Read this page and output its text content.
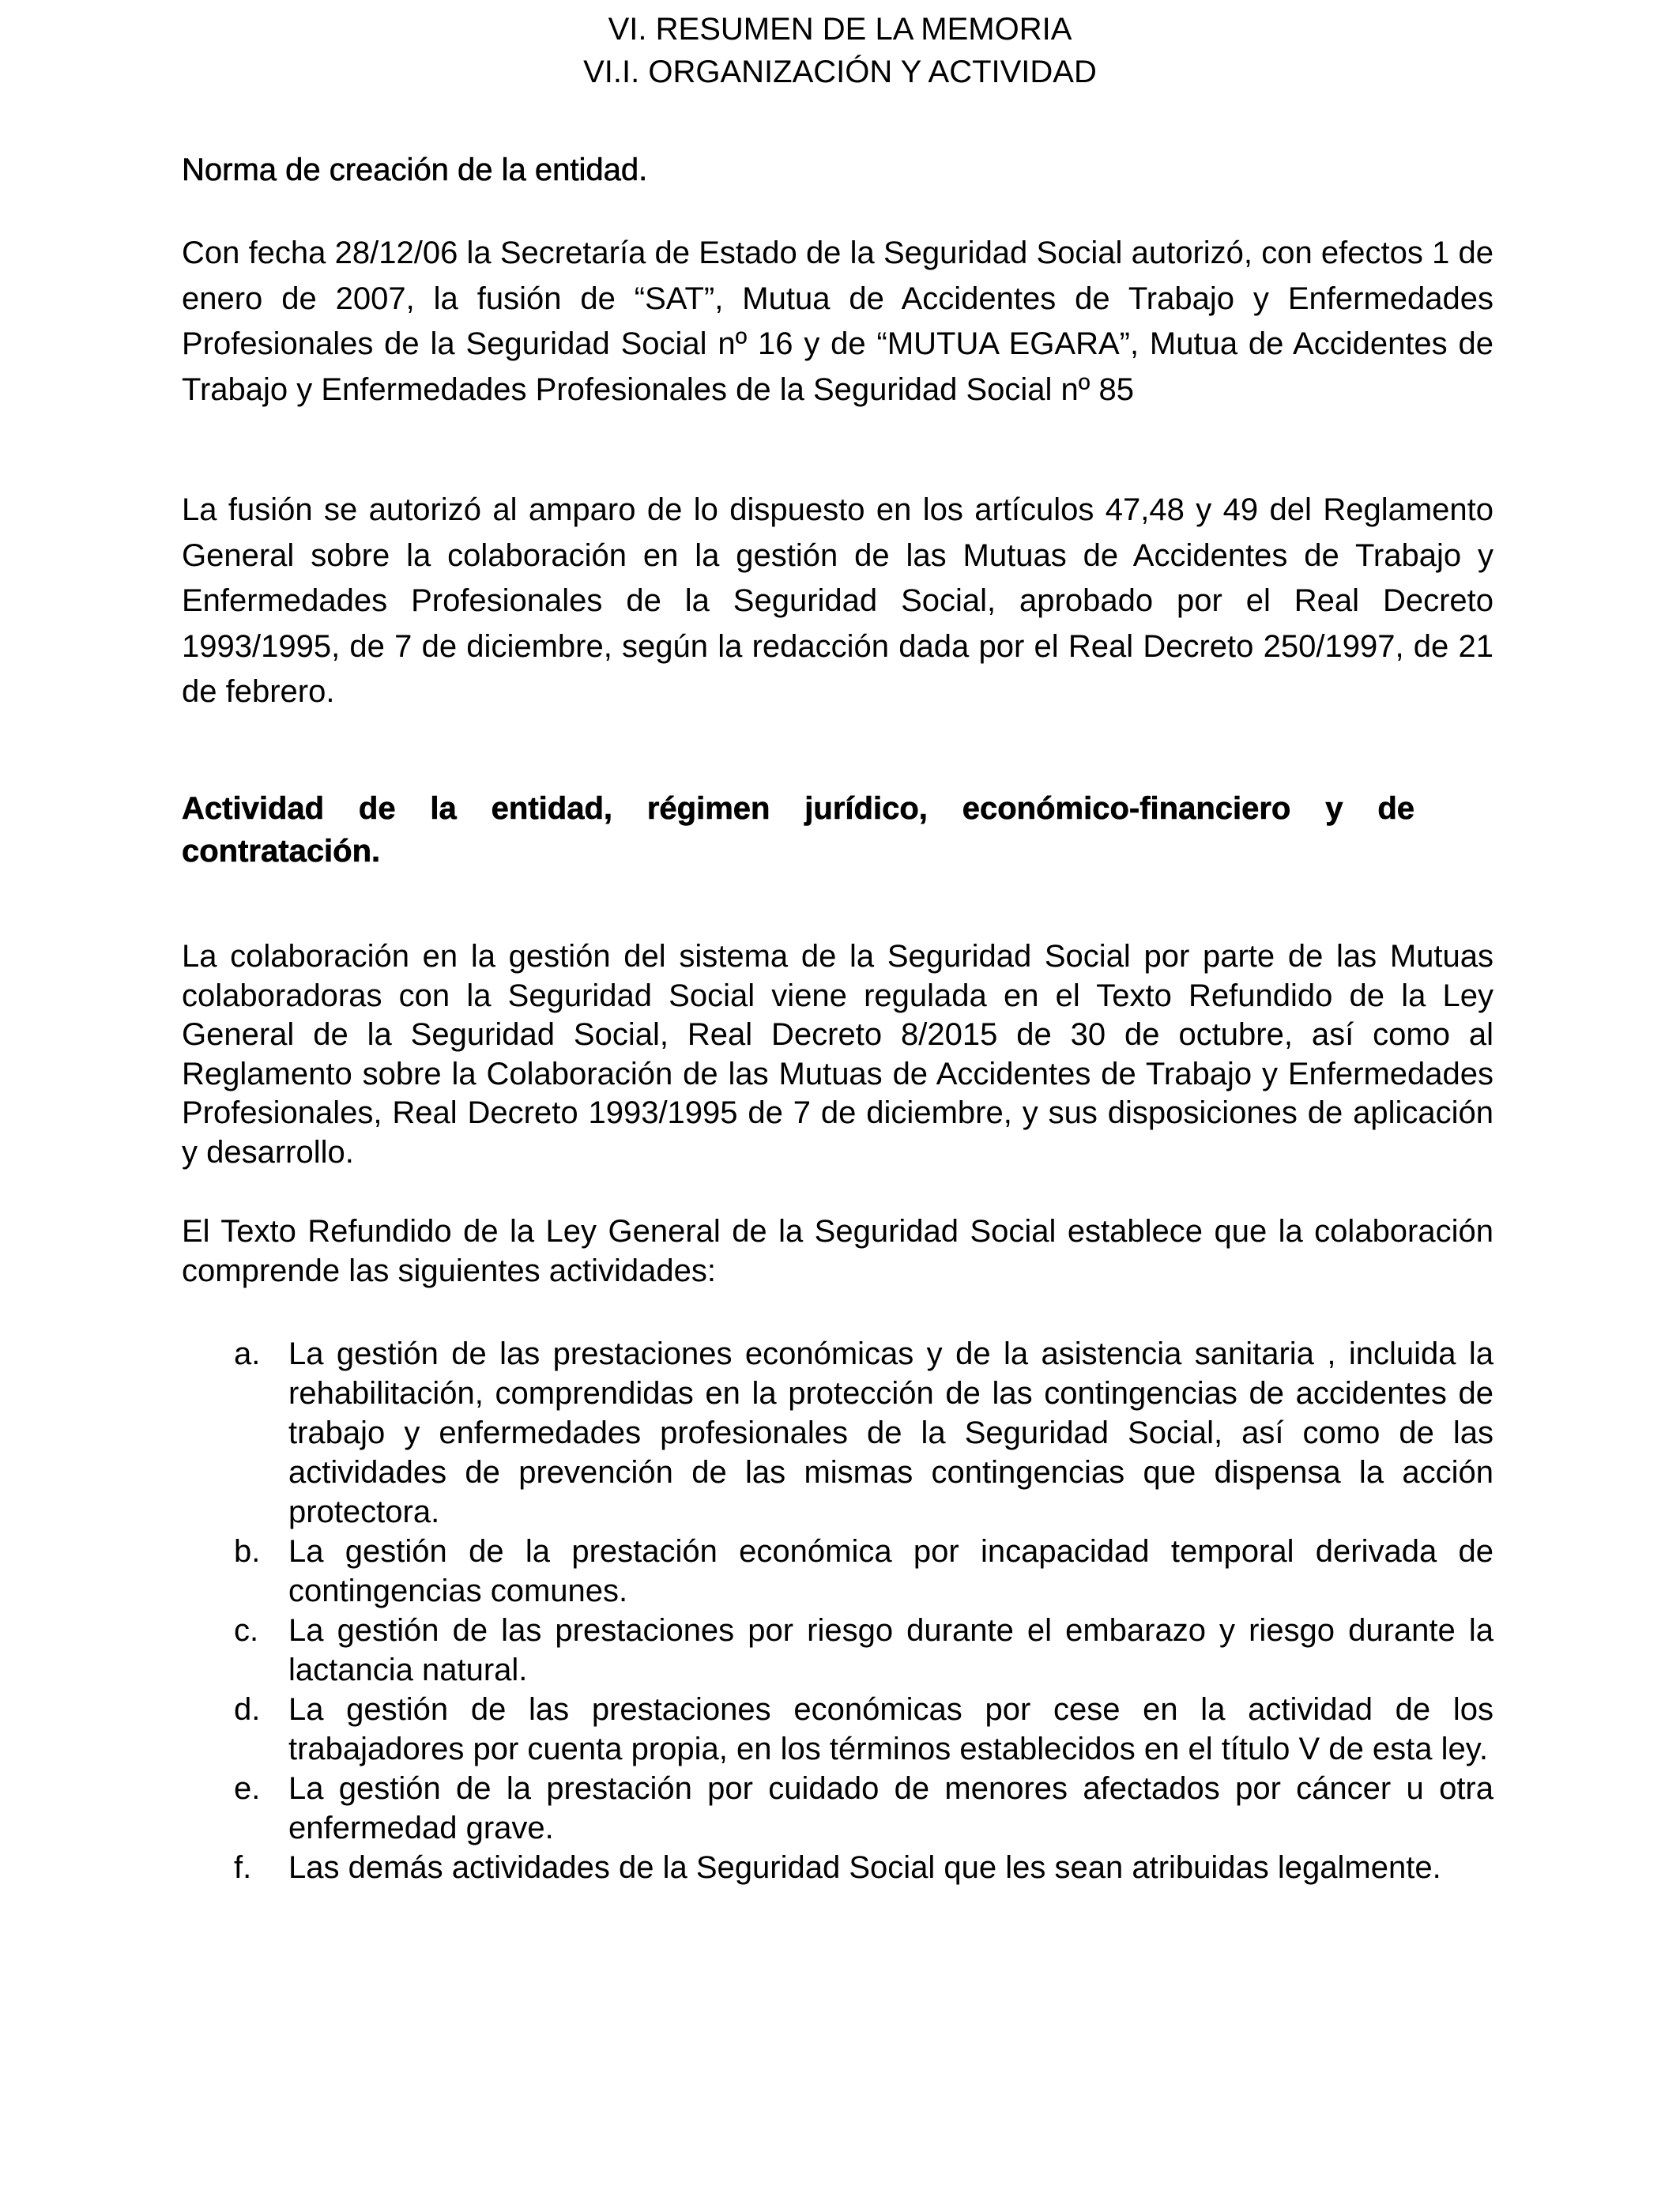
VI. RESUMEN DE LA MEMORIA
VI.I. ORGANIZACIÓN Y ACTIVIDAD
Norma de creación de la entidad.

Con fecha 28/12/06 la Secretaría de Estado de la Seguridad Social autorizó, con efectos 1 de enero de 2007, la fusión de “SAT”, Mutua de Accidentes de Trabajo y Enfermedades Profesionales de la Seguridad Social nº 16 y de “MUTUA EGARA”, Mutua de Accidentes de Trabajo y Enfermedades Profesionales de la Seguridad Social nº 85

La fusión se autorizó al amparo de lo dispuesto en los artículos 47,48 y 49 del Reglamento General sobre la colaboración en la gestión de las Mutuas de Accidentes de Trabajo y Enfermedades Profesionales de la Seguridad Social, aprobado por el Real Decreto 1993/1995, de 7 de diciembre, según la redacción dada por el Real Decreto 250/1997, de 21 de febrero.

Actividad de la entidad, régimen jurídico, económico-financiero y de contratación.

La colaboración en la gestión del sistema de la Seguridad Social por parte de las Mutuas colaboradoras con la Seguridad Social viene regulada en el Texto Refundido de la Ley General de la Seguridad Social, Real Decreto 8/2015 de 30 de octubre, así como al Reglamento sobre la Colaboración de las Mutuas de Accidentes de Trabajo y Enfermedades Profesionales, Real Decreto 1993/1995 de 7 de diciembre, y sus disposiciones de aplicación y desarrollo.

El Texto Refundido de la Ley General de la Seguridad Social establece que la colaboración comprende las siguientes actividades:

a. La gestión de las prestaciones económicas y de la asistencia sanitaria , incluida la rehabilitación, comprendidas en la protección de las contingencias de accidentes de trabajo y enfermedades profesionales de la Seguridad Social, así como de las actividades de prevención de las mismas contingencias que dispensa la acción protectora.
b. La gestión de la prestación económica por incapacidad temporal derivada de contingencias comunes.
c. La gestión de las prestaciones por riesgo durante el embarazo y riesgo durante la lactancia natural.
d. La gestión de las prestaciones económicas por cese en la actividad de los trabajadores por cuenta propia, en los términos establecidos en el título V de esta ley.
e. La gestión de la prestación por cuidado de menores afectados por cáncer u otra enfermedad grave.
f. Las demás actividades de la Seguridad Social que les sean atribuidas legalmente.
